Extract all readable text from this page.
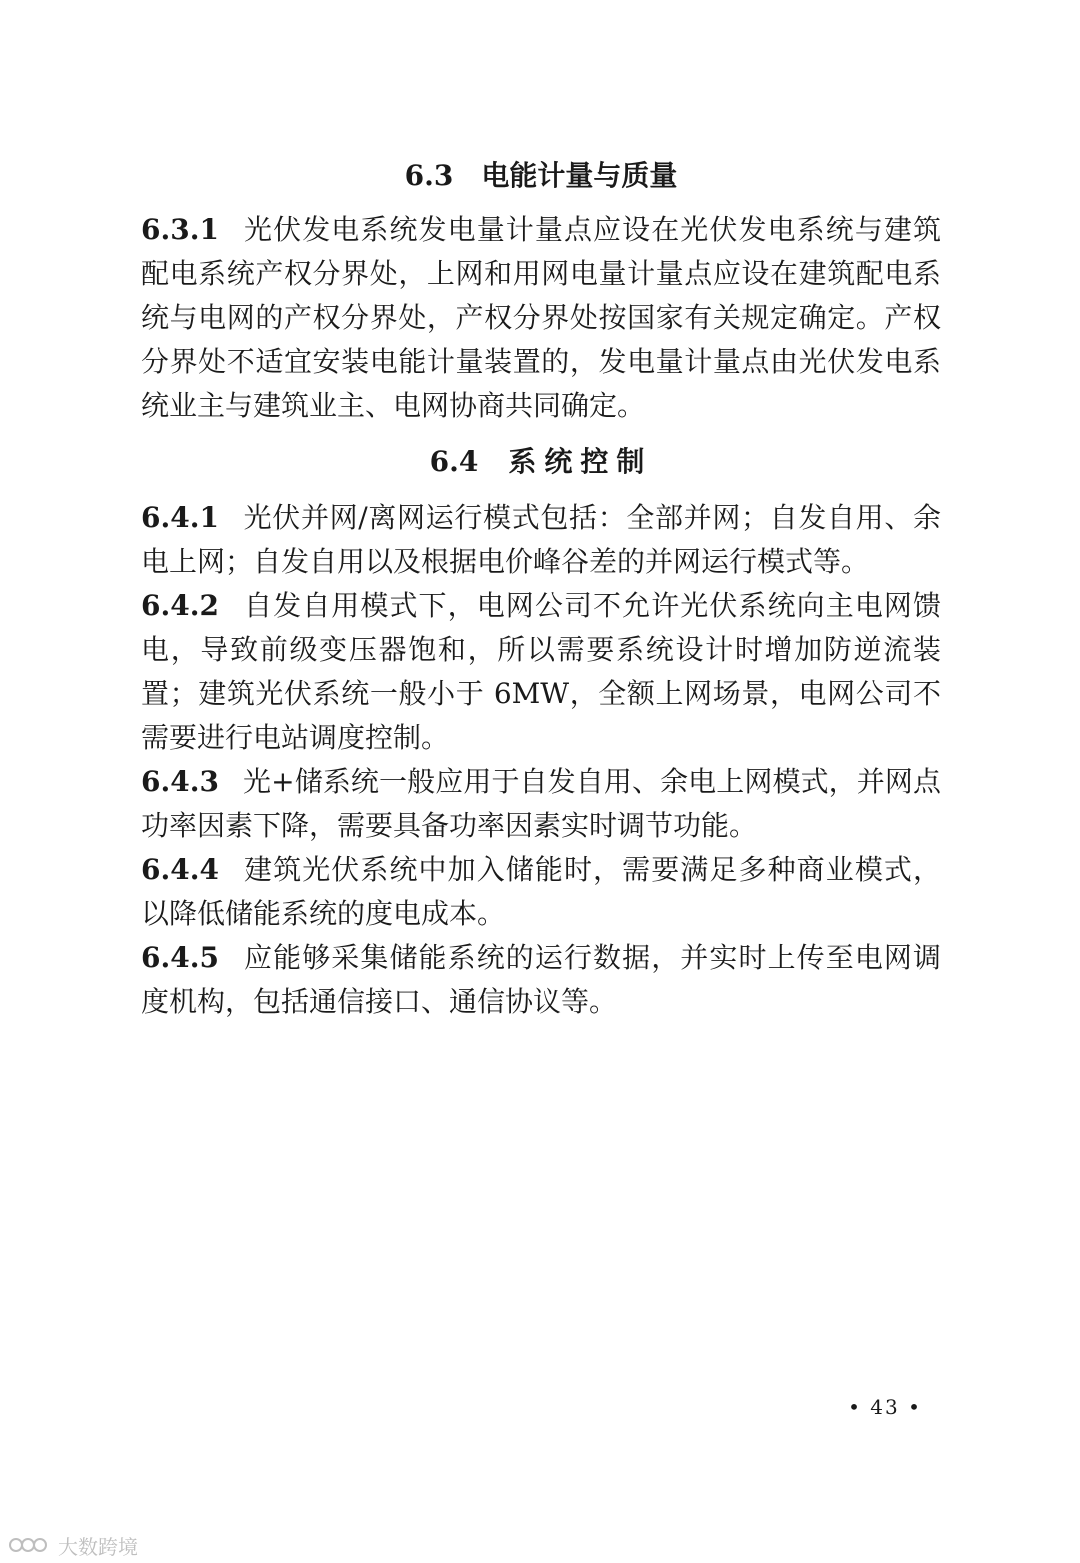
6.3 电能计量与质量

6.3.1 光伏发电系统发电量计量点应设在光伏发电系统与建筑配电系统产权分界处，上网和用网电量计量点应设在建筑配电系统与电网的产权分界处，产权分界处按国家有关规定确定。产权分界处不适宜安装电能计量装置的，发电量计量点由光伏发电系统业主与建筑业主、电网协商共同确定。

6.4 系统控制

6.4.1 光伏并网/离网运行模式包括：全部并网；自发自用、余电上网；自发自用以及根据电价峰谷差的并网运行模式等。

6.4.2 自发自用模式下，电网公司不允许光伏系统向主电网馈电，导致前级变压器饱和，所以需要系统设计时增加防逆流装置；建筑光伏系统一般小于 6MW，全额上网场景，电网公司不需要进行电站调度控制。

6.4.3 光+储系统一般应用于自发自用、余电上网模式，并网点功率因素下降，需要具备功率因素实时调节功能。

6.4.4 建筑光伏系统中加入储能时，需要满足多种商业模式，以降低储能系统的度电成本。

6.4.5 应能够采集储能系统的运行数据，并实时上传至电网调度机构，包括通信接口、通信协议等。

• 43 •
大数跨境
